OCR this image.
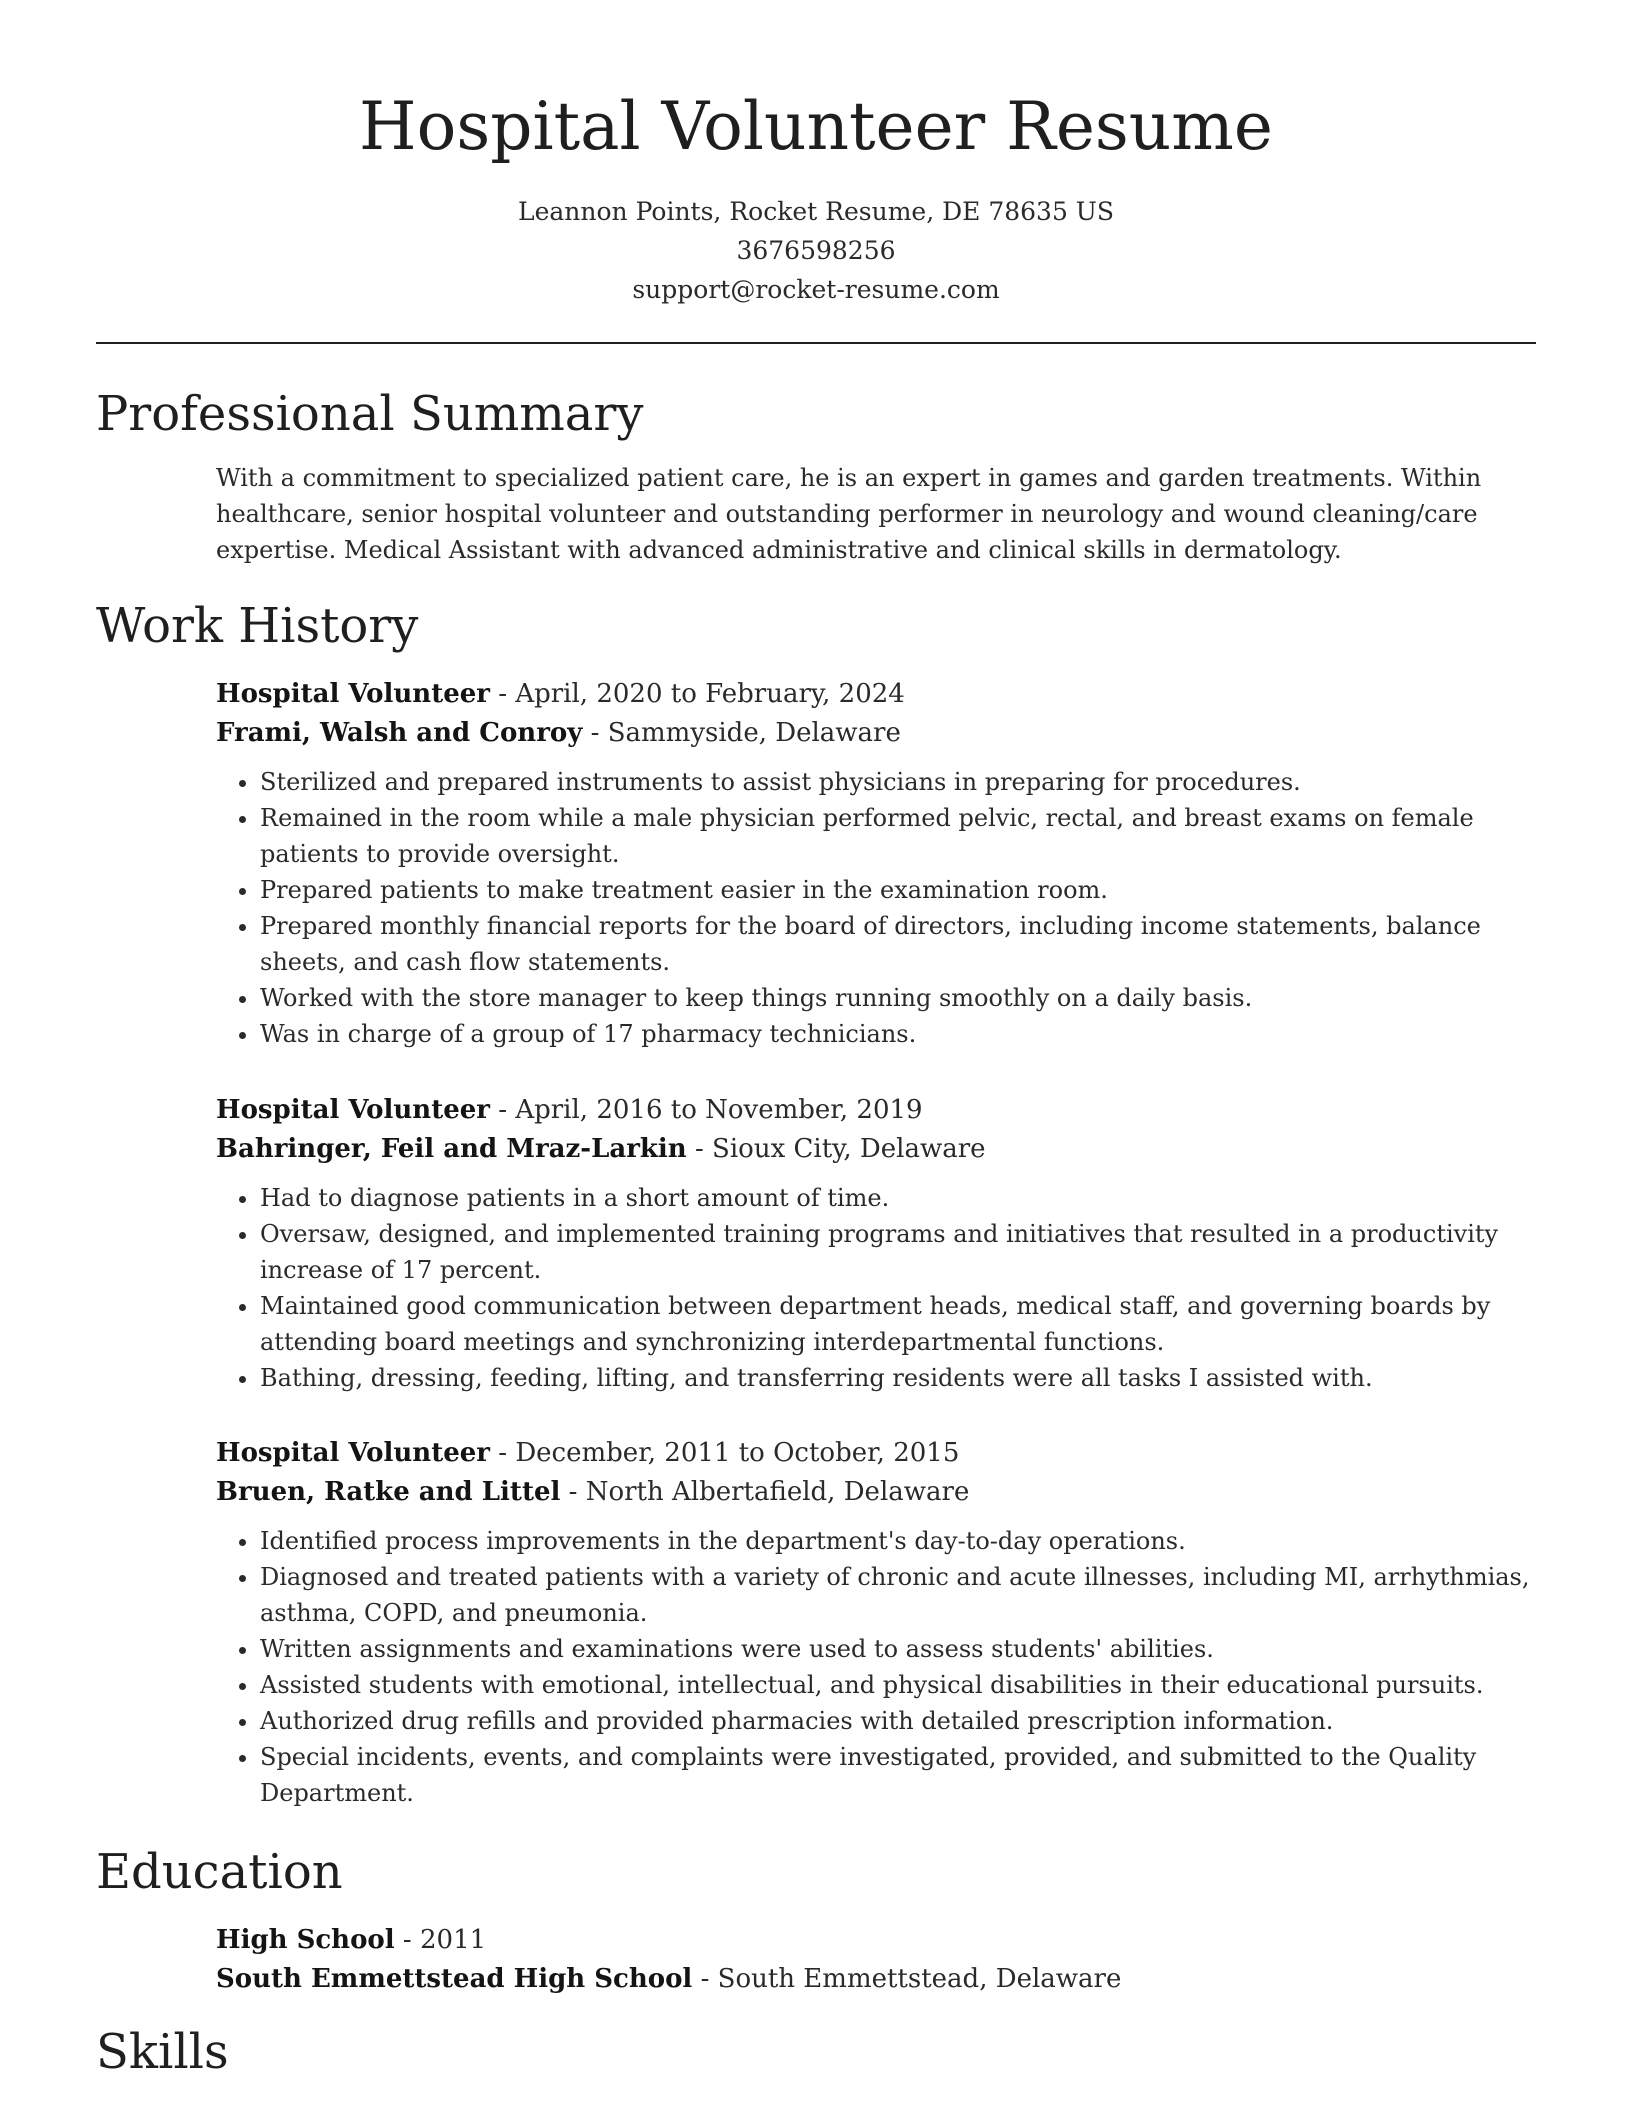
Hospital Volunteer Resume
Leannon Points, Rocket Resume, DE 78635 US
3676598256
support@rocket-resume.com
Professional Summary

With a commitment to specialized patient care, he is an expert in games and garden treatments. Within healthcare, senior hospital volunteer and outstanding performer in neurology and wound cleaning/care expertise. Medical Assistant with advanced administrative and clinical skills in dermatology.

Work History
Hospital Volunteer - April, 2020 to February, 2024
Frami, Walsh and Conroy - Sammyside, Delaware
• Sterilized and prepared instruments to assist physicians in preparing for procedures.
• Remained in the room while a male physician performed pelvic, rectal, and breast exams on female patients to provide oversight.
• Prepared patients to make treatment easier in the examination room.
• Prepared monthly financial reports for the board of directors, including income statements, balance sheets, and cash flow statements.
• Worked with the store manager to keep things running smoothly on a daily basis.
• Was in charge of a group of 17 pharmacy technicians.
Hospital Volunteer - April, 2016 to November, 2019
Bahringer, Feil and Mraz-Larkin - Sioux City, Delaware
• Had to diagnose patients in a short amount of time.
• Oversaw, designed, and implemented training programs and initiatives that resulted in a productivity increase of 17 percent.
• Maintained good communication between department heads, medical staff, and governing boards by attending board meetings and synchronizing interdepartmental functions.
• Bathing, dressing, feeding, lifting, and transferring residents were all tasks I assisted with.
Hospital Volunteer - December, 2011 to October, 2015
Bruen, Ratke and Littel - North Albertafield, Delaware
• Identified process improvements in the department's day-to-day operations.
• Diagnosed and treated patients with a variety of chronic and acute illnesses, including MI, arrhythmias, asthma, COPD, and pneumonia.
• Written assignments and examinations were used to assess students' abilities.
• Assisted students with emotional, intellectual, and physical disabilities in their educational pursuits.
• Authorized drug refills and provided pharmacies with detailed prescription information.
• Special incidents, events, and complaints were investigated, provided, and submitted to the Quality Department.
Education
High School - 2011
South Emmettstead High School - South Emmettstead, Delaware
Skills
